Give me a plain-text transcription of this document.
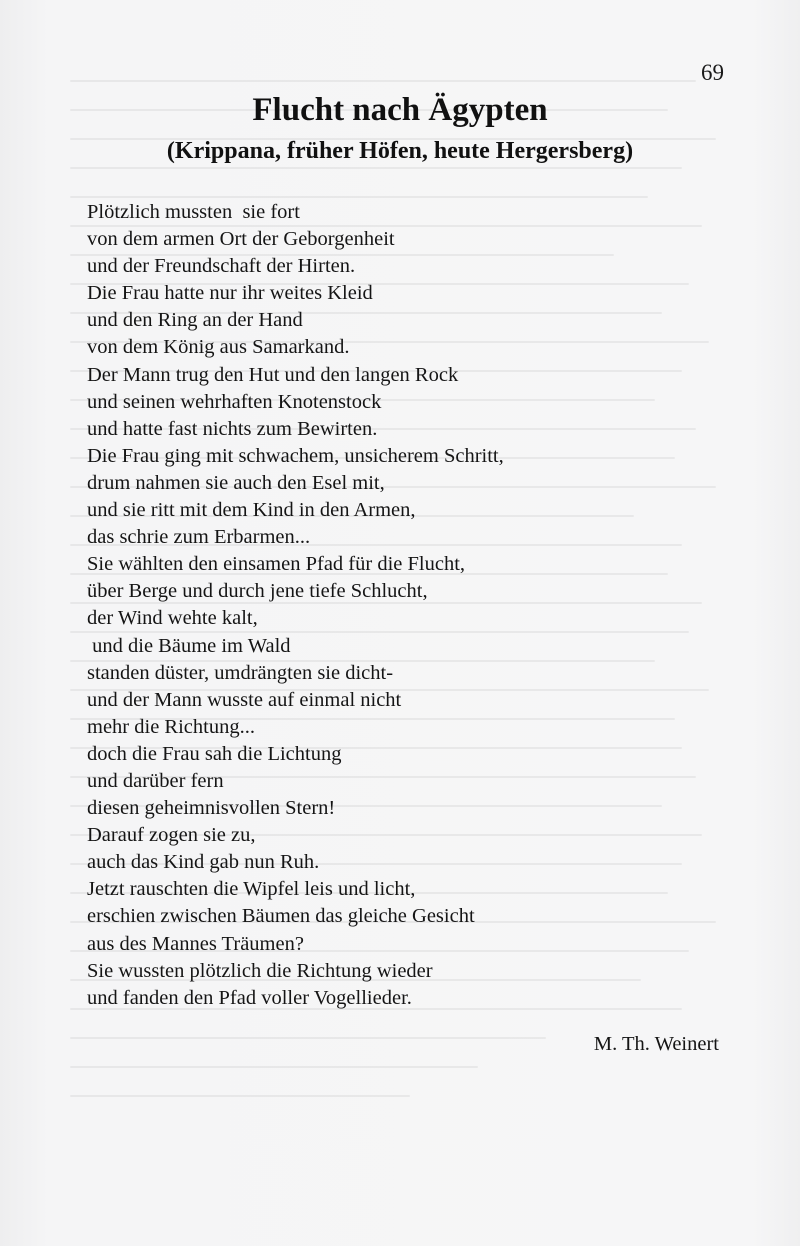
69
Flucht nach Ägypten
(Krippana, früher Höfen, heute Hergersberg)
Plötzlich mussten  sie fort
von dem armen Ort der Geborgenheit
und der Freundschaft der Hirten.
Die Frau hatte nur ihr weites Kleid
und den Ring an der Hand
von dem König aus Samarkand.
Der Mann trug den Hut und den langen Rock
und seinen wehrhaften Knotenstock
und hatte fast nichts zum Bewirten.
Die Frau ging mit schwachem, unsicherem Schritt,
drum nahmen sie auch den Esel mit,
und sie ritt mit dem Kind in den Armen,
das schrie zum Erbarmen...
Sie wählten den einsamen Pfad für die Flucht,
über Berge und durch jene tiefe Schlucht,
der Wind wehte kalt,
und die Bäume im Wald
standen düster, umdrängten sie dicht-
und der Mann wusste auf einmal nicht
mehr die Richtung...
doch die Frau sah die Lichtung
und darüber fern
diesen geheimnisvollen Stern!
Darauf zogen sie zu,
auch das Kind gab nun Ruh.
Jetzt rauschten die Wipfel leis und licht,
erschien zwischen Bäumen das gleiche Gesicht
aus des Mannes Träumen?
Sie wussten plötzlich die Richtung wieder
und fanden den Pfad voller Vogellieder.
M. Th. Weinert
